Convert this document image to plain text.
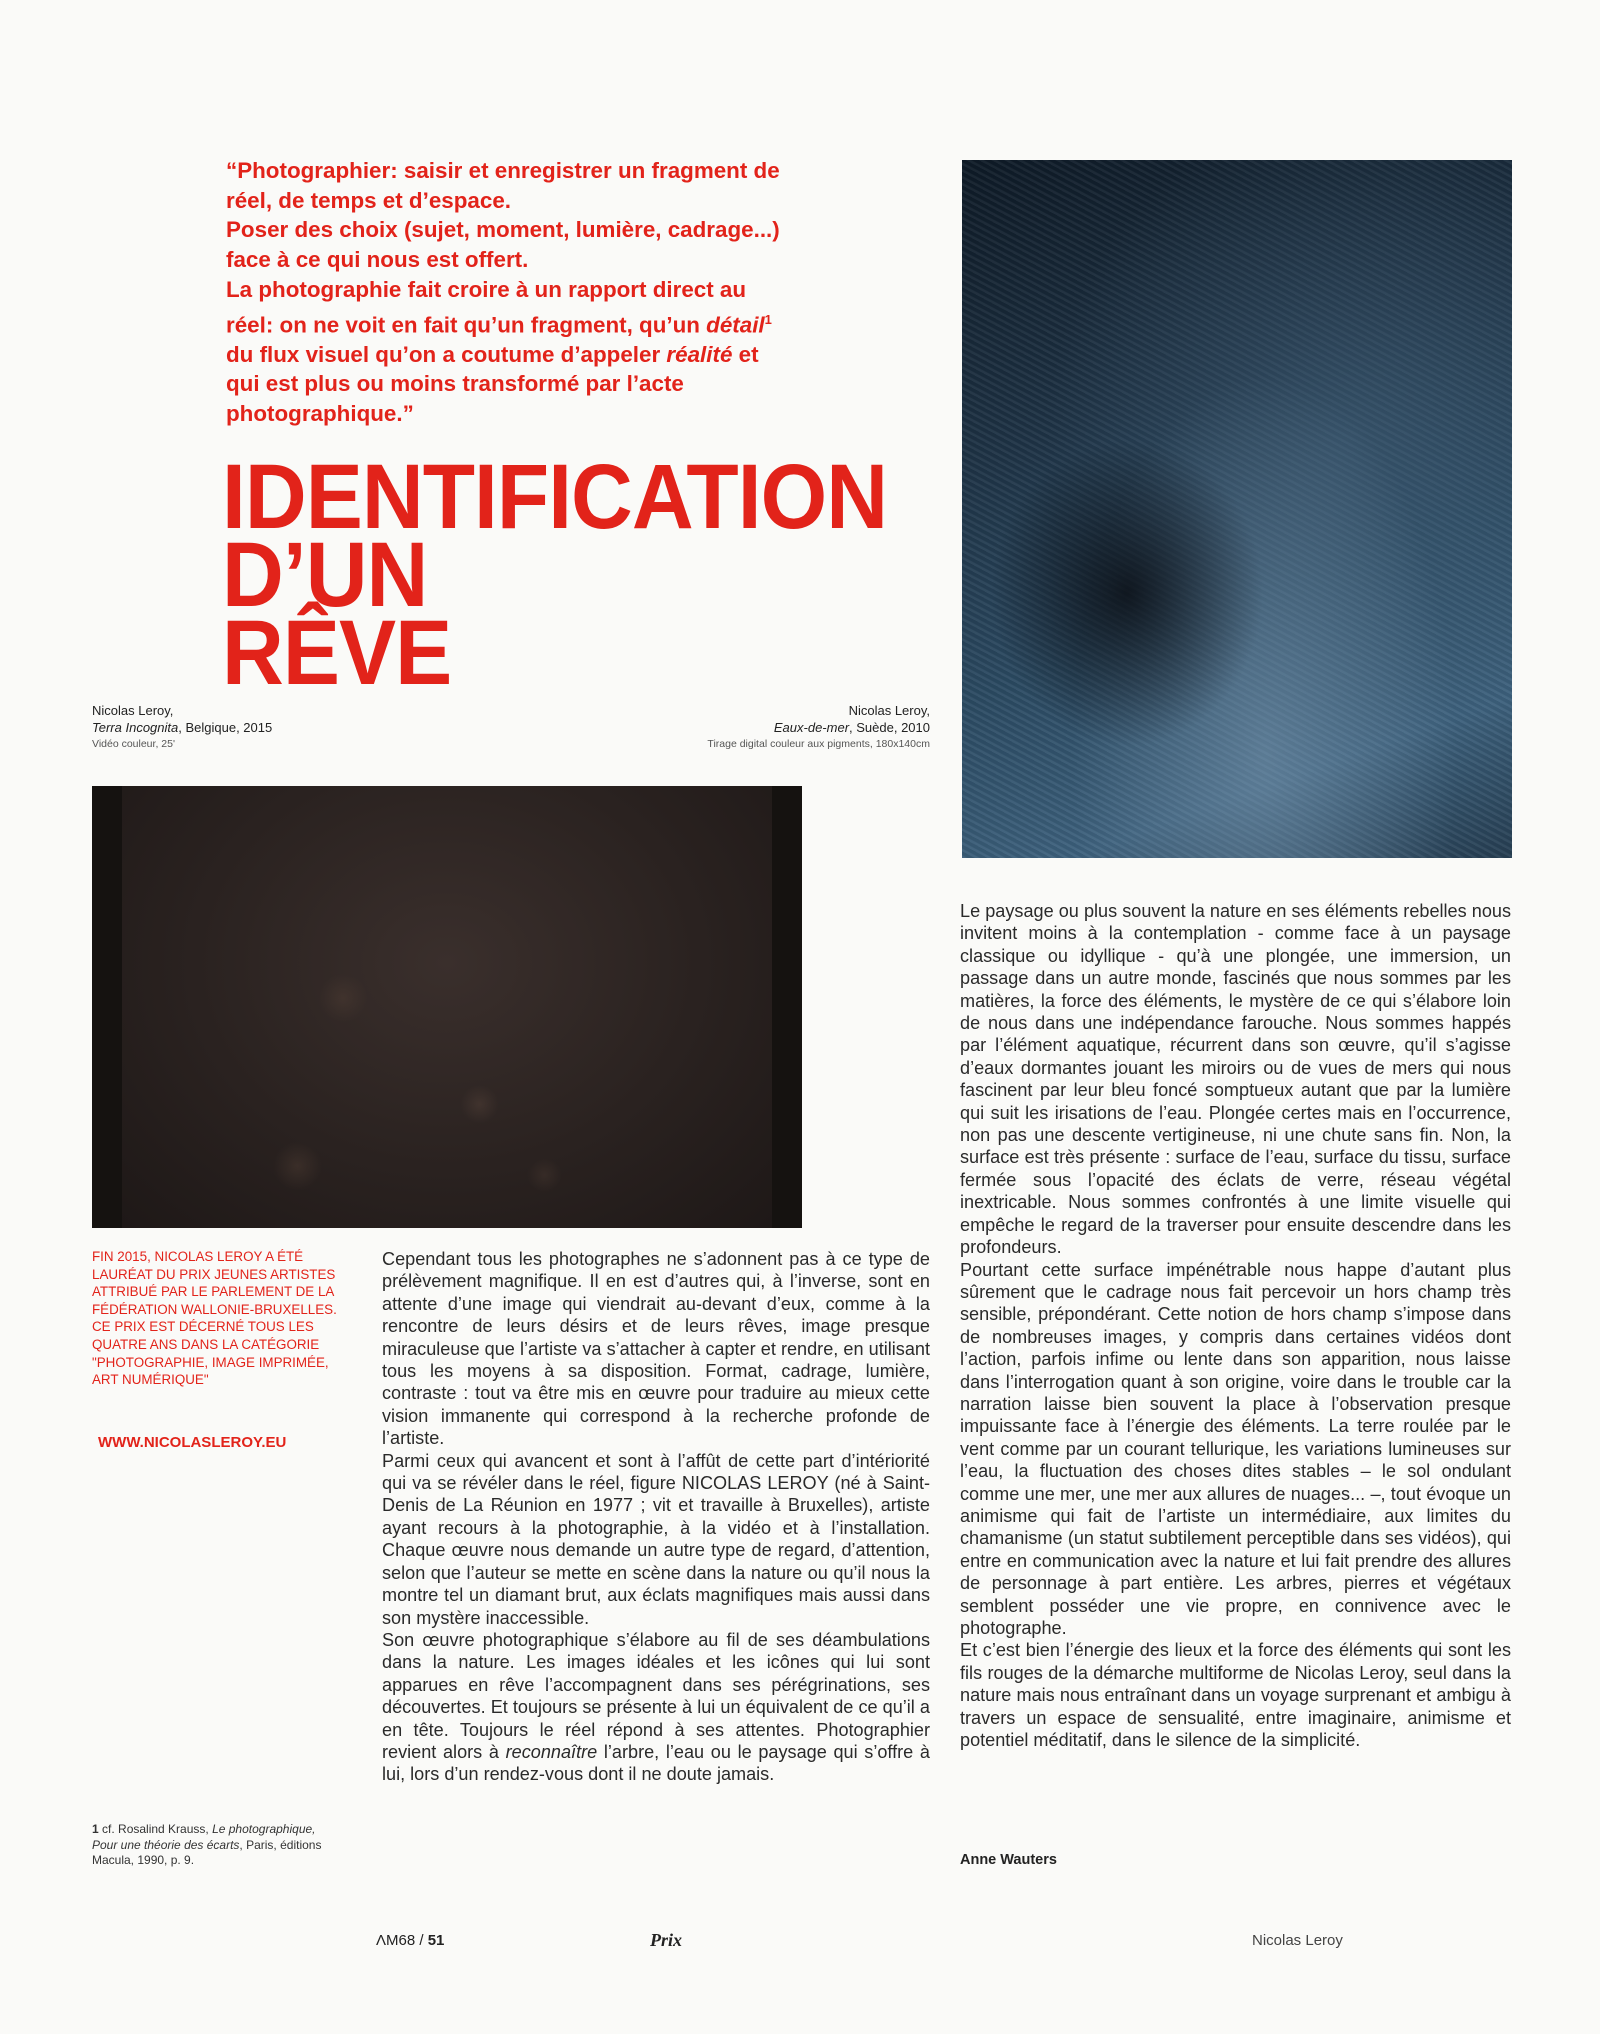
“Photographier: saisir et enregistrer un fragment de réel, de temps et d’espace.

Poser des choix (sujet, moment, lumière, cadrage...) face à ce qui nous est offert.

La photographie fait croire à un rapport direct au réel: on ne voit en fait qu’un fragment, qu’un détail$^1$ du flux visuel qu’on a coutume d’appeler réalité et qui est plus ou moins transformé par l’acte photographique.”

IDENTIFICATION
D’UN
RÊVE
Nicolas Leroy,
Terra Incognita, Belgique, 2015
Vidéo couleur, 25'
Nicolas Leroy,
Eaux-de-mer, Suède, 2010
Tirage digital couleur aux pigments, 180x140cm
FIN 2015, NICOLAS LEROY A ÉTÉ LAURÉAT DU PRIX JEUNES ARTISTES ATTRIBUÉ PAR LE PARLEMENT DE LA FÉDÉRATION WALLONIE-BRUXELLES. CE PRIX EST DÉCERNÉ TOUS LES QUATRE ANS DANS LA CATÉGORIE "PHOTOGRAPHIE, IMAGE IMPRIMÉE, ART NUMÉRIQUE"
WWW.NICOLASLEROY.EU
1 cf. Rosalind Krauss, Le photographique, Pour une théorie des écarts, Paris, éditions Macula, 1990, p. 9.

Cependant tous les photographes ne s’adonnent pas à ce type de prélèvement magnifique. Il en est d’autres qui, à l’inverse, sont en attente d’une image qui viendrait au-devant d’eux, comme à la rencontre de leurs désirs et de leurs rêves, image presque miraculeuse que l’artiste va s’attacher à capter et rendre, en utilisant tous les moyens à sa disposition. Format, cadrage, lumière, contraste : tout va être mis en œuvre pour traduire au mieux cette vision immanente qui correspond à la recherche profonde de l’artiste.

Parmi ceux qui avancent et sont à l’affût de cette part d’intériorité qui va se révéler dans le réel, figure NICOLAS LEROY (né à Saint-Denis de La Réunion en 1977 ; vit et travaille à Bruxelles), artiste ayant recours à la photographie, à la vidéo et à l’installation. Chaque œuvre nous demande un autre type de regard, d’attention, selon que l’auteur se mette en scène dans la nature ou qu’il nous la montre tel un diamant brut, aux éclats magnifiques mais aussi dans son mystère inaccessible.

Son œuvre photographique s’élabore au fil de ses déambulations dans la nature. Les images idéales et les icônes qui lui sont apparues en rêve l’accompagnent dans ses pérégrinations, ses découvertes. Et toujours se présente à lui un équivalent de ce qu’il a en tête. Toujours le réel répond à ses attentes. Photographier revient alors à reconnaître l’arbre, l’eau ou le paysage qui s’offre à lui, lors d’un rendez-vous dont il ne doute jamais.

Le paysage ou plus souvent la nature en ses éléments rebelles nous invitent moins à la contemplation - comme face à un paysage classique ou idyllique - qu’à une plongée, une immersion, un passage dans un autre monde, fascinés que nous sommes par les matières, la force des éléments, le mystère de ce qui s’élabore loin de nous dans une indépendance farouche. Nous sommes happés par l’élément aquatique, récurrent dans son œuvre, qu’il s’agisse d’eaux dormantes jouant les miroirs ou de vues de mers qui nous fascinent par leur bleu foncé somptueux autant que par la lumière qui suit les irisations de l’eau. Plongée certes mais en l’occurrence, non pas une descente vertigineuse, ni une chute sans fin. Non, la surface est très présente : surface de l’eau, surface du tissu, surface fermée sous l’opacité des éclats de verre, réseau végétal inextricable. Nous sommes confrontés à une limite visuelle qui empêche le regard de la traverser pour ensuite descendre dans les profondeurs.

Pourtant cette surface impénétrable nous happe d’autant plus sûrement que le cadrage nous fait percevoir un hors champ très sensible, prépondérant. Cette notion de hors champ s’impose dans de nombreuses images, y compris dans certaines vidéos dont l’action, parfois infime ou lente dans son apparition, nous laisse dans l’interrogation quant à son origine, voire dans le trouble car la narration laisse bien souvent la place à l’observation presque impuissante face à l’énergie des éléments. La terre roulée par le vent comme par un courant tellurique, les variations lumineuses sur l’eau, la fluctuation des choses dites stables – le sol ondulant comme une mer, une mer aux allures de nuages... –, tout évoque un animisme qui fait de l’artiste un intermédiaire, aux limites du chamanisme (un statut subtilement perceptible dans ses vidéos), qui entre en communication avec la nature et lui fait prendre des allures de personnage à part entière. Les arbres, pierres et végétaux semblent posséder une vie propre, en connivence avec le photographe.

Et c’est bien l’énergie des lieux et la force des éléments qui sont les fils rouges de la démarche multiforme de Nicolas Leroy, seul dans la nature mais nous entraînant dans un voyage surprenant et ambigu à travers un espace de sensualité, entre imaginaire, animisme et potentiel méditatif, dans le silence de la simplicité.

Anne Wauters
ΛM68 / 51	Prix	Nicolas Leroy
